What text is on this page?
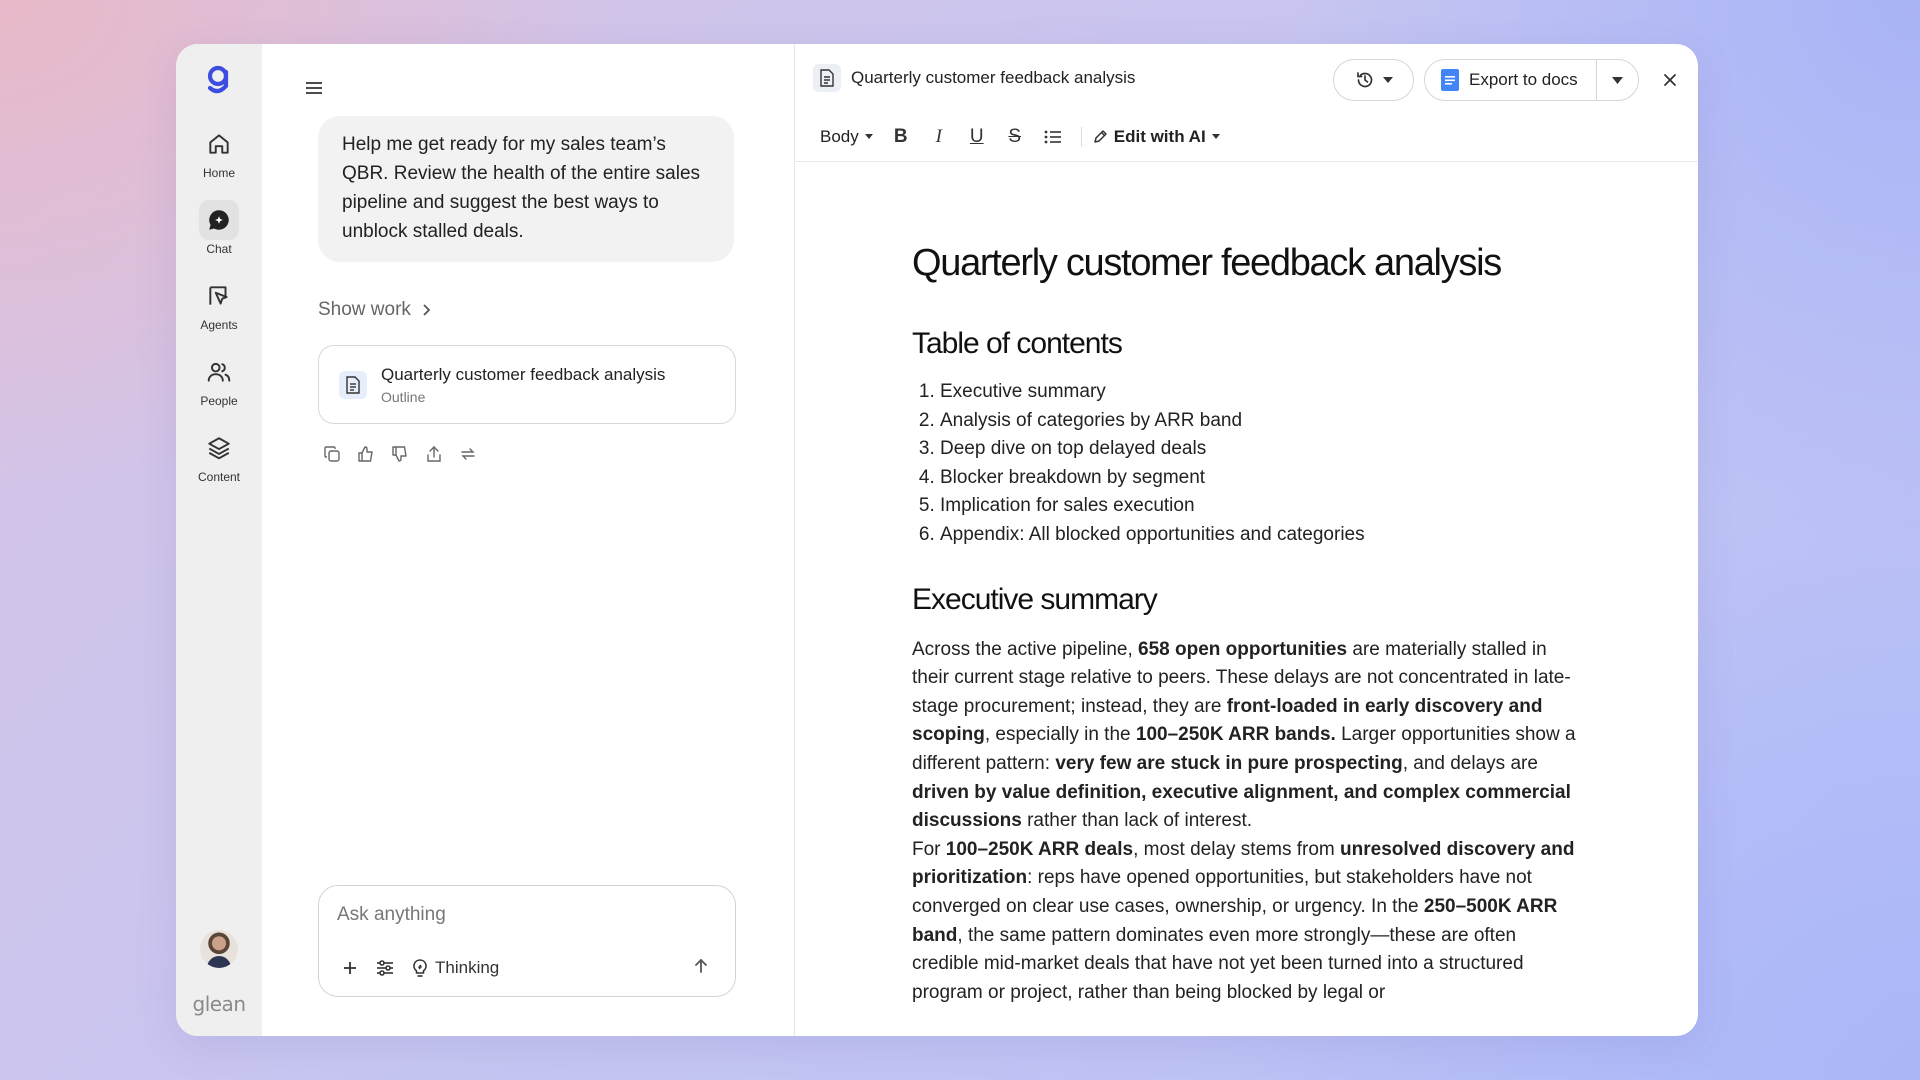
Home
Chat
Agents
People
Content
glean
Help me get ready for my sales team’s QBR. Review the health of the entire sales pipeline and suggest the best ways to unblock stalled deals.
Show work
Quarterly customer feedback analysis
Outline
Ask anything
Thinking
Quarterly customer feedback analysis	Export to docs
Body B	I	U S	Edit with AI
Quarterly customer feedback analysis
Table of contents
1. Executive summary
2. Analysis of categories by ARR band
3. Deep dive on top delayed deals
4. Blocker breakdown by segment
5. Implication for sales execution
6. Appendix: All blocked opportunities and categories
Executive summary

Across the active pipeline, 658 open opportunities are materially stalled in their current stage relative to peers. These delays are not concentrated in late-stage procurement; instead, they are front-loaded in early discovery and scoping, especially in the 100–250K ARR bands. Larger opportunities show a different pattern: very few are stuck in pure prospecting, and delays are driven by value definition, executive alignment, and complex commercial discussions rather than lack of interest.

For 100–250K ARR deals, most delay stems from unresolved discovery and prioritization: reps have opened opportunities, but stakeholders have not converged on clear use cases, ownership, or urgency. In the 250–500K ARR band, the same pattern dominates even more strongly—these are often credible mid-market deals that have not yet been turned into a structured program or project, rather than being blocked by legal or
